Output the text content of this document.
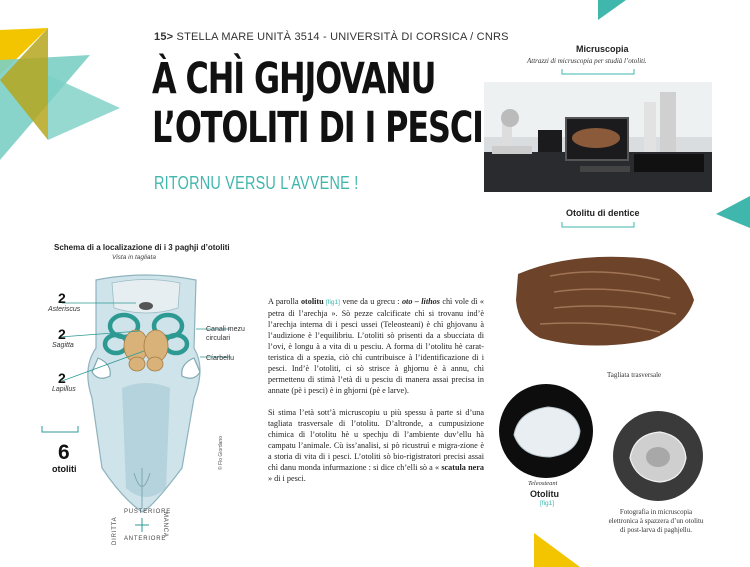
15> STELLA MARE UNITÀ 3514 - UNIVERSITÀ DI CORSICA / CNRS
À CHÌ GHJOVANU
L’OTOLITI DI I PESCI
RITORNU VERSU L’AVVENE !
Schema di a localizazione di i 3 paghji d’otoliti
Vista in tagliata
2
Asteriscus
2
Sagitta
2
Lapillus
Canali mezu circulari
Cíarbellu
6
otoliti	© Flo Giordano
PUSTERIORE
ANTERIORE
DIRITTA	MANCA

A parolla otolitu [fig1] vene da u grecu : oto – lithos chì vole dì « petra di l’arechja ». Sò pezze calcificate chì si trovanu ind’è l’arechja interna di i pesci ussei (Teleosteani) è chì ghjovanu à l’audizione è l’equilibriu. L’otoliti sò prisenti da a sbucciata di l’ovi, è longu à a vita di u pesciu. A forma di l’otolitu hè carat-teristica di a spezia, ciò chì cuntribuisce à l’identificazione di i pesci. Ind’è l’otoliti, ci sò strisce à ghjornu è à annu, chì permettenu di stimà l’età di u pesciu di manera assai precisa in annate (pè i pesci) è in ghjorni (pè e larve).

Si stima l’età sott’à micruscopiu u più spessu à parte si d’una tagliata trasversale di l’otolitu. D’altronde, a cumpusizione chimica di l’otolitu hè u spechju di l’ambiente duv’ellu hà campatu l’animale. Cù iss’analisi, si pò ricustruì e migra-zione è a storia di vita di i pesci. L’otoliti sò bio-rigistratori precisi assai chì danu monda infurmazione : si dice ch’elli sò a « scatula nera » di i pesci.

Micruscopia
Attrazzi di micruscopia per studià l’otoliti.
Otolitu di dentice
Tagliata trasversale
Teleosteani
Otolitu
[fig1]
Fotografia in micruscopia elettronica à spazzera d’un otolitu di post-larva di paghjellu.
